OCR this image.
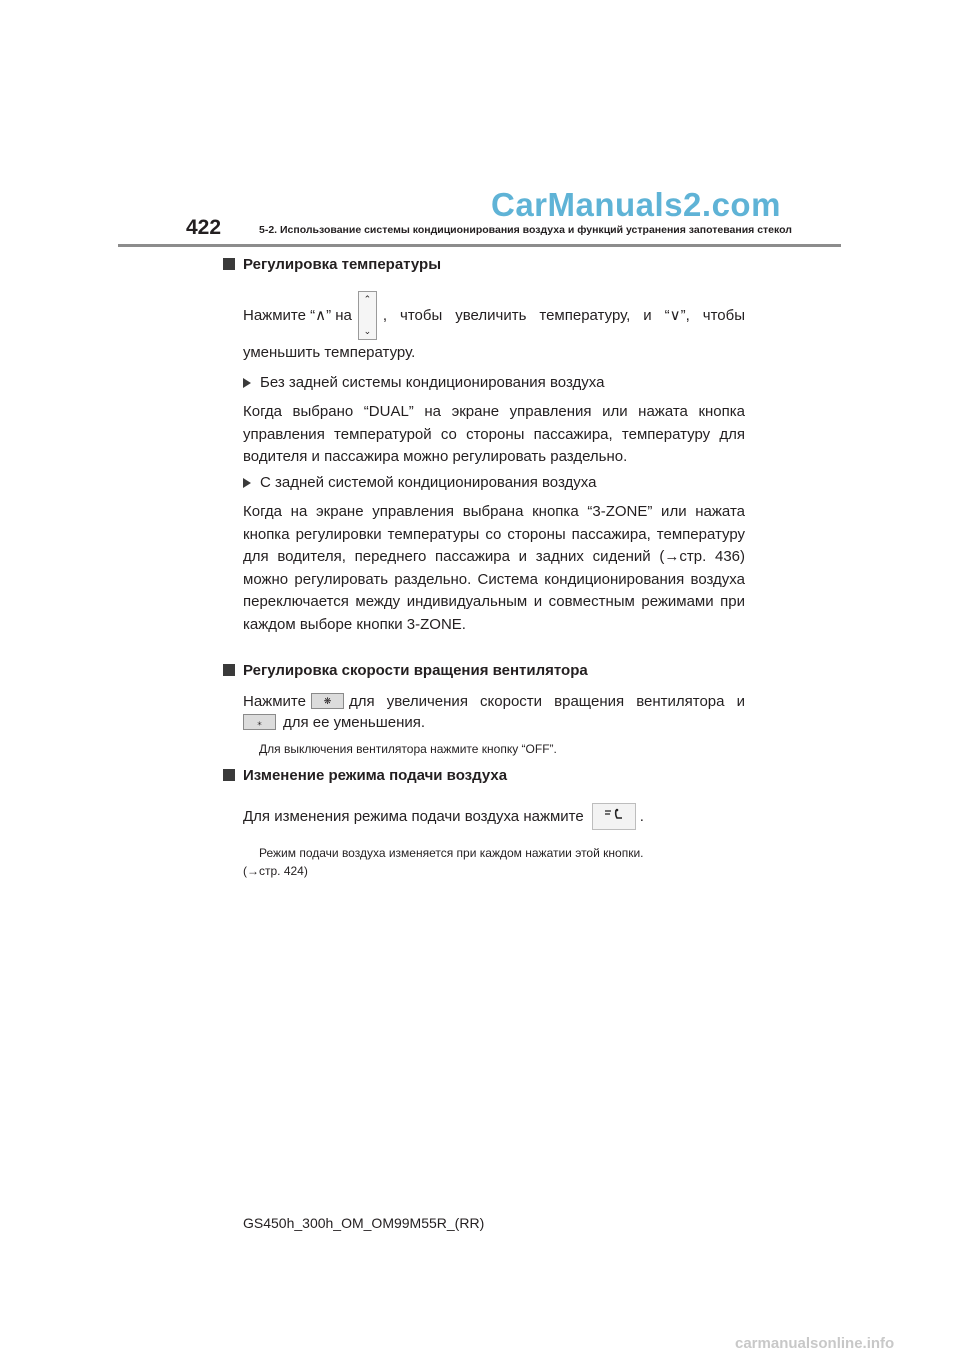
CarManuals2.com
422	5-2. Использование системы кондиционирования воздуха и функций устранения запотевания стекол
Регулировка температуры
Нажмите “∧” на
⌃
⌄
, чтобы увеличить температуру, и “∨”, чтобы
уменьшить температуру.
Без задней системы кондиционирования воздуха
Когда выбрано “DUAL” на экране управления или нажата кнопка управления температурой со стороны пассажира, температуру для водителя и пассажира можно регулировать раздельно.
С задней системой кондиционирования воздуха
Когда на экране управления выбрана кнопка “3-ZONE” или нажата кнопка регулировки температуры со стороны пассажира, температуру для водителя, переднего пассажира и задних сидений (→стр. 436) можно регулировать раздельно. Система кондиционирования воздуха переключается между индивидуальным и совместным режимами при каждом выборе кнопки 3-ZONE.
Регулировка скорости вращения вентилятора
Нажмите	❋	для увеличения скорости вращения вентилятора и
⁎	для ее уменьшения.
Для выключения вентилятора нажмите кнопку “OFF”.
Изменение режима подачи воздуха
Для изменения режима подачи воздуха нажмите	.
Режим подачи воздуха изменяется при каждом нажатии этой кнопки.
(→стр. 424)
GS450h_300h_OM_OM99M55R_(RR)
carmanualsonline.info
